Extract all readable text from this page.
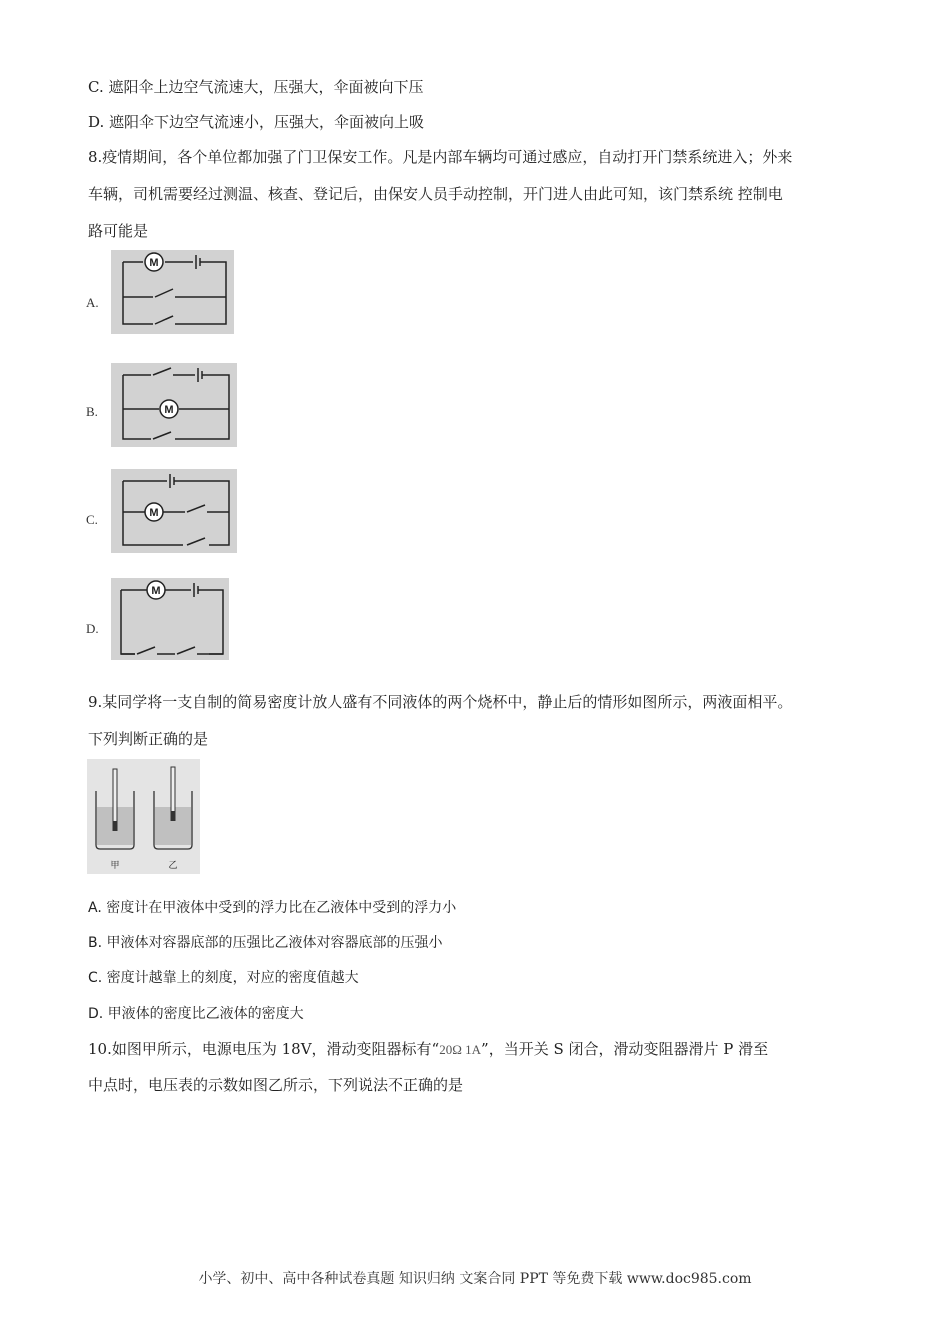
C. 遮阳伞上边空气流速大，压强大，伞面被向下压
D. 遮阳伞下边空气流速小，压强大，伞面被向上吸
8.疫情期间，各个单位都加强了门卫保安工作。凡是内部车辆均可通过感应，自动打开门禁系统进入；外来
车辆，司机需要经过测温、核查、登记后，由保安人员手动控制，开门进人由此可知，该门禁系统 控制电
路可能是
A.
M
B.	M
C.	M
D.
M
9.某同学将一支自制的简易密度计放人盛有不同液体的两个烧杯中，静止后的情形如图所示，两液面相平。
下列判断正确的是
甲	乙
A. 密度计在甲液体中受到的浮力比在乙液体中受到的浮力小
B. 甲液体对容器底部的压强比乙液体对容器底部的压强小
C. 密度计越靠上的刻度，对应的密度值越大
D. 甲液体的密度比乙液体的密度大
10.如图甲所示，电源电压为 18V，滑动变阻器标有“20Ω 1A”，当开关 S 闭合，滑动变阻器滑片 P 滑至
中点时，电压表的示数如图乙所示，下列说法不正确的是
小学、初中、高中各种试卷真题 知识归纳 文案合同 PPT 等免费下载 www.doc985.com
